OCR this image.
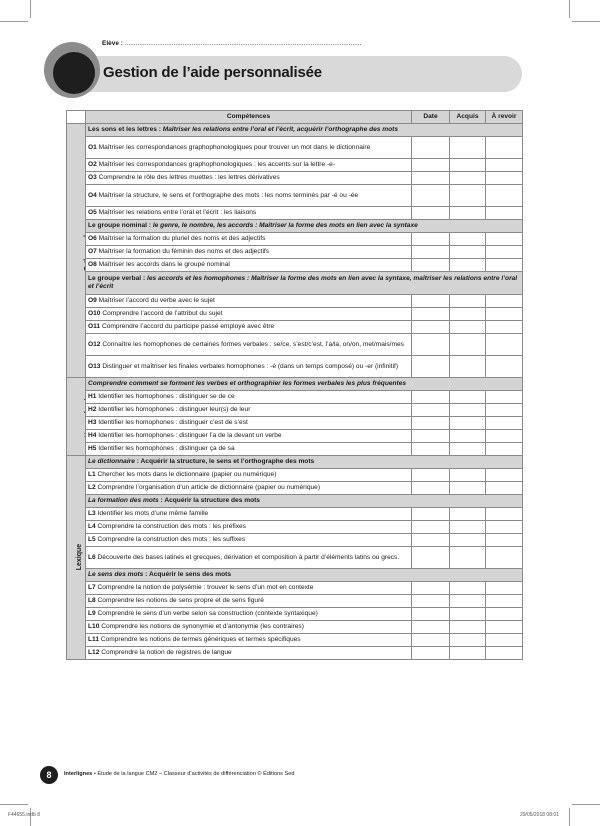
Élève : ...................................................................................................................................
Gestion de l’aide personnalisée
	Compétences	Date	Acquis	À revoir
	Les sons et les lettres : Maîtriser les relations entre l’oral et l’écrit, acquérir l’orthographe des mots			
	O1 Maîtriser les correspondances graphophonologiques pour trouver un mot dans le dictionnaire			
	O2 Maîtriser les correspondances graphophonologiques : les accents sur la lettre -e-			
	O3 Comprendre le rôle des lettres muettes : les lettres dérivatives			
	O4 Maîtriser la structure, le sens et l’orthographe des mots : les noms terminés par -é ou -ée			
	O5 Maîtriser les relations entre l’oral et l’écrit : les liaisons			
	Le groupe nominal : le genre, le nombre, les accords : Maîtriser la forme des mots en lien avec la syntaxe			
	O6 Maîtriser la formation du pluriel des noms et des adjectifs			
	O7 Maîtriser la formation du féminin des noms et des adjectifs			
	O8 Maîtriser les accords dans le groupe nominal			
	Le groupe verbal : les accords et les homophones : Maîtriser la forme des mots en lien avec la syntaxe, maîtriser les relations entre l’oral et l’écrit			
	O9 Maîtriser l’accord du verbe avec le sujet			
	O10 Comprendre l’accord de l’attribut du sujet			
	O11 Comprendre l’accord du participe passé employé avec être			
	O12 Connaître les homophones de certaines formes verbales : se/ce, s’est/c’est, l’a/la, on/on, met/mais/mes			
	O13 Distinguer et maîtriser les finales verbales homophones : -é (dans un temps composé) ou -er (infinitif)			
	Comprendre comment se forment les verbes et orthographier les formes verbales les plus fréquentes			
	H1 Identifier les homophones : distinguer se de ce			
	H2 Identifier les homophones : distinguer leur(s) de leur			
	H3 Identifier les homophones : distinguer c’est de s’est			
	H4 Identifier les homophones : distinguer l’a de la devant un verbe			
	H5 Identifier les homophones : distinguer ça de sa			
Lexique	Le dictionnaire : Acquérir la structure, le sens et l’orthographe des mots			
	L1 Chercher les mots dans le dictionnaire (papier ou numérique)			
	L2 Comprendre l’organisation d’un article de dictionnaire (papier ou numérique)			
	La formation des mots : Acquérir la structure des mots			
	L3 Identifier les mots d’une même famille			
	L4 Comprendre la construction des mots : les préfixes			
	L5 Comprendre la construction des mots : les suffixes			
	L6 Découverte des bases latines et grecques, dérivation et composition à partir d’éléments latins ou grecs.			
	Le sens des mots : Acquérir le sens des mots			
	L7 Comprendre la notion de polysémie : trouver le sens d’un mot en contexte			
	L8 Comprendre les notions de sens propre et de sens figuré			
	L9 Comprendre le sens d’un verbe selon sa construction (contexte syntaxique)			
	L10 Comprendre les notions de synonymie et d’antonymie (les contraires)			
	L11 Comprendre les notions de termes génériques et termes spécifiques			
	L12 Comprendre la notion de registres de langue			
8	Interlignes • Étude de la langue CM2 – Classeur d’activités de différenciation © Éditions Sed
F44655.indb 8	29/05/2018 08:01
